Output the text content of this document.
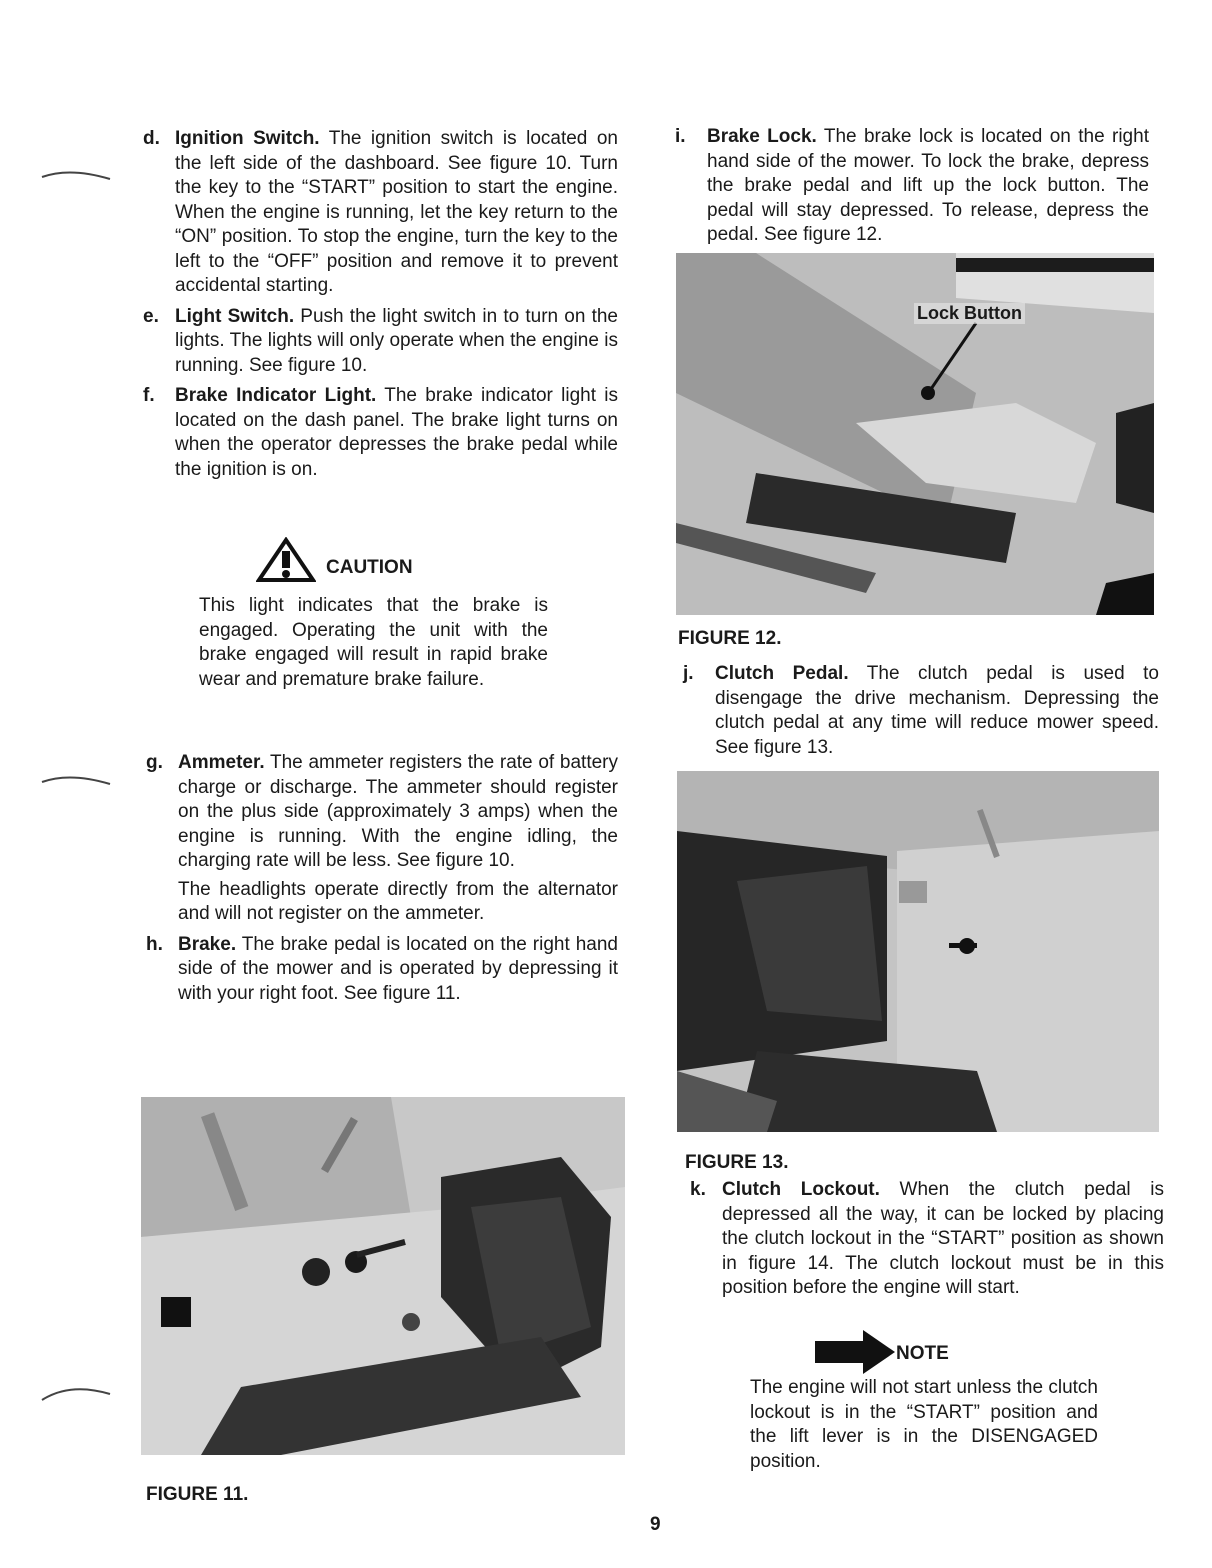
d. Ignition Switch. The ignition switch is located on the left side of the dashboard. See figure 10. Turn the key to the “START” position to start the engine. When the engine is running, let the key return to the “ON” position. To stop the engine, turn the key to the left to the “OFF” position and remove it to prevent accidental starting.

e. Light Switch. Push the light switch in to turn on the lights. The lights will only operate when the engine is running. See figure 10.

f. Brake Indicator Light. The brake indicator light is located on the dash panel. The brake light turns on when the operator depresses the brake pedal while the ignition is on.

CAUTION
This light indicates that the brake is engaged. Operating the unit with the brake engaged will result in rapid brake wear and premature brake failure.
g. Ammeter. The ammeter registers the rate of battery charge or discharge. The ammeter should register on the plus side (approximately 3 amps) when the engine is running. With the engine idling, the charging rate will be less. See figure 10.

The headlights operate directly from the alternator and will not register on the ammeter.

h. Brake. The brake pedal is located on the right hand side of the mower and is operated by depressing it with your right foot. See figure 11.

FIGURE 11.
i. Brake Lock. The brake lock is located on the right hand side of the mower. To lock the brake, depress the brake pedal and lift up the lock button. The pedal will stay depressed. To release, depress the pedal. See figure 12.

Lock Button
FIGURE 12.
j. Clutch Pedal. The clutch pedal is used to disengage the drive mechanism. Depressing the clutch pedal at any time will reduce mower speed. See figure 13.

FIGURE 13.
k. Clutch Lockout. When the clutch pedal is depressed all the way, it can be locked by placing the clutch lockout in the “START” position as shown in figure 14. The clutch lockout must be in this position before the engine will start.

NOTE
The engine will not start unless the clutch lockout is in the “START” position and the lift lever is in the DISENGAGED position.
9
